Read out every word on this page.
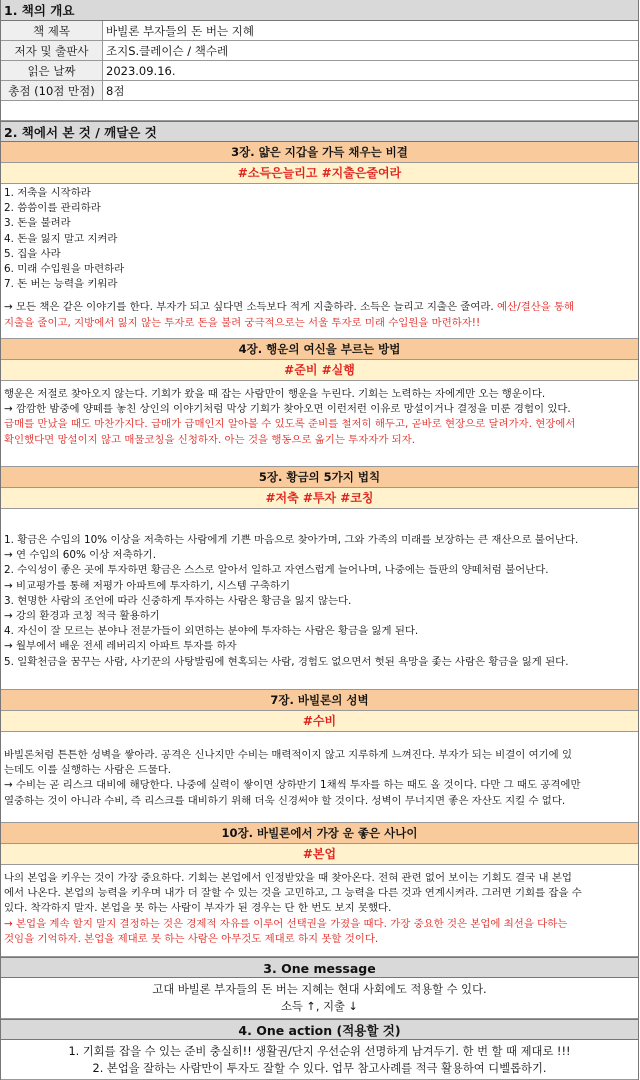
1. 책의 개요
책 제목	바빌론 부자들의 돈 버는 지혜
저자 및 출판사	조지S.클레이슨 / 책수레
읽은 날짜	2023.09.16.
총점 (10점 만점) 8점
2. 책에서 본 것 / 깨달은 것
3장. 얇은 지갑을 가득 채우는 비결
#소득은늘리고 #지출은줄여라
1. 저축을 시작하라
2. 씀씀이를 관리하라
3. 돈을 불려라
4. 돈을 잃지 말고 지켜라
5. 집을 사라
6. 미래 수입원을 마련하라
7. 돈 버는 능력을 키워라
→ 모든 책은 같은 이야기를 한다. 부자가 되고 싶다면 소득보다 적게 지출하라. 소득은 늘리고 지출은 줄여라. 예산/결산을 통해
지출을 줄이고, 지방에서 잃지 않는 투자로 돈을 불려 궁극적으로는 서울 투자로 미래 수입원을 마련하자!!
4장. 행운의 여신을 부르는 방법
#준비 #실행
행운은 저절로 찾아오지 않는다. 기회가 왔을 때 잡는 사람만이 행운을 누린다. 기회는 노력하는 자에게만 오는 행운이다.
→ 깜깜한 밤중에 양떼를 놓친 상인의 이야기처럼 막상 기회가 찾아오면 이런저런 이유로 망설이거나 결정을 미룬 경험이 있다.
급매를 만났을 때도 마찬가지다. 급매가 급매인지 알아볼 수 있도록 준비를 철저히 해두고, 곧바로 현장으로 달려가자. 현장에서
확인했다면 망설이지 않고 매물코칭을 신청하자. 아는 것을 행동으로 옮기는 투자자가 되자.
5장. 황금의 5가지 법칙
#저축 #투자 #코칭
1. 황금은 수입의 10% 이상을 저축하는 사람에게 기쁜 마음으로 찾아가며, 그와 가족의 미래를 보장하는 큰 재산으로 불어난다.
→ 연 수입의 60% 이상 저축하기.
2. 수익성이 좋은 곳에 투자하면 황금은 스스로 알아서 일하고 자연스럽게 늘어나며, 나중에는 들판의 양떼처럼 불어난다.
→ 비교평가를 통해 저평가 아파트에 투자하기, 시스템 구축하기
3. 현명한 사람의 조언에 따라 신중하게 투자하는 사람은 황금을 잃지 않는다.
→ 강의 환경과 코칭 적극 활용하기
4. 자신이 잘 모르는 분야나 전문가들이 외면하는 분야에 투자하는 사람은 황금을 잃게 된다.
→ 월부에서 배운 전세 레버리지 아파트 투자를 하자
5. 일확천금을 꿈꾸는 사람, 사기꾼의 사탕발림에 현혹되는 사람, 경험도 없으면서 헛된 욕망을 좇는 사람은 황금을 잃게 된다.
7장. 바빌론의 성벽
#수비
바빌론처럼 튼튼한 성벽을 쌓아라. 공격은 신나지만 수비는 매력적이지 않고 지루하게 느껴진다. 부자가 되는 비결이 여기에 있
는데도 이를 실행하는 사람은 드물다.
→ 수비는 곧 리스크 대비에 해당한다. 나중에 실력이 쌓이면 상하반기 1채씩 투자를 하는 때도 올 것이다. 다만 그 때도 공격에만
열중하는 것이 아니라 수비, 즉 리스크를 대비하기 위해 더욱 신경써야 할 것이다. 성벽이 무너지면 좋은 자산도 지킬 수 없다.
10장. 바빌론에서 가장 운 좋은 사나이
#본업
나의 본업을 키우는 것이 가장 중요하다. 기회는 본업에서 인정받았을 때 찾아온다. 전혀 관련 없어 보이는 기회도 결국 내 본업
에서 나온다. 본업의 능력을 키우며 내가 더 잘할 수 있는 것을 고민하고, 그 능력을 다른 것과 연계시켜라. 그러면 기회를 잡을 수
있다. 착각하지 말자. 본업을 못 하는 사람이 부자가 된 경우는 단 한 번도 보지 못했다.
→ 본업을 계속 할지 말지 결정하는 것은 경제적 자유를 이루어 선택권을 가졌을 때다. 가장 중요한 것은 본업에 최선을 다하는
것임을 기억하자. 본업을 제대로 못 하는 사람은 아무것도 제대로 하지 못할 것이다.
3. One message
고대 바빌론 부자들의 돈 버는 지혜는 현대 사회에도 적용할 수 있다.
소득 ↑, 지출 ↓
4. One action (적용할 것)
1. 기회를 잡을 수 있는 준비 충실히!! 생활권/단지 우선순위 선명하게 남겨두기. 한 번 할 때 제대로 !!!
2. 본업을 잘하는 사람만이 투자도 잘할 수 있다. 업무 참고사례를 적극 활용하여 디벨롭하기.
